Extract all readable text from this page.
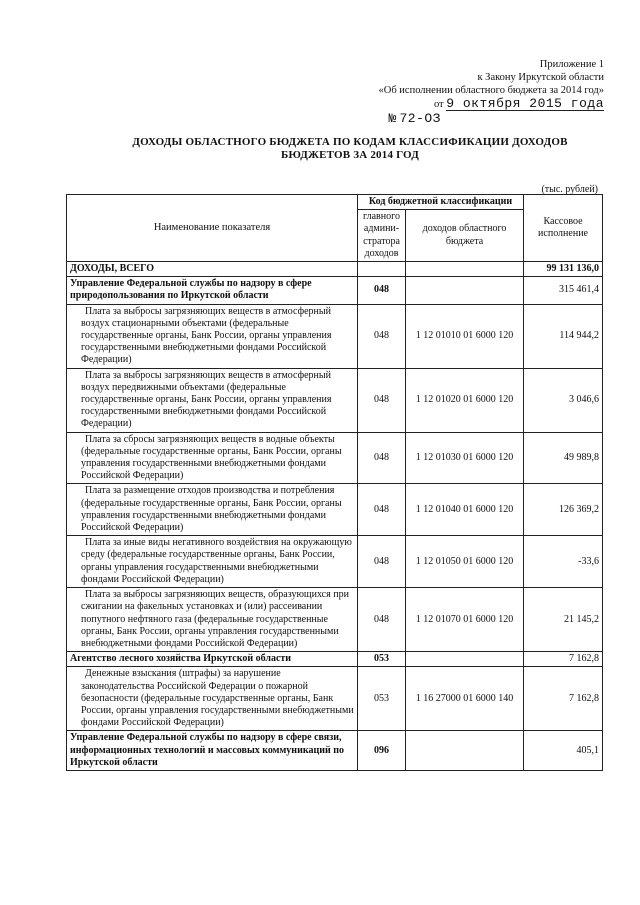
Приложение 1
к Закону Иркутской области
«Об исполнении областного бюджета за 2014 год»
от 9 октября 2015 года
№ 72-ОЗ
ДОХОДЫ ОБЛАСТНОГО БЮДЖЕТА ПО КОДАМ КЛАССИФИКАЦИИ ДОХОДОВ
БЮДЖЕТОВ ЗА 2014 ГОД
(тыс. рублей)
Наименование показателя	Код бюджетной классификации		Кассовое исполнение
	главного админи-стратора доходов	доходов областного бюджета	
ДОХОДЫ, ВСЕГО			99 131 136,0
Управление Федеральной службы по надзору в сфере природопользования по Иркутской области	048		315 461,4
Плата за выбросы загрязняющих веществ в атмосферный воздух стационарными объектами (федеральные государственные органы, Банк России, органы управления государственными внебюджетными фондами Российской Федерации)	048	1 12 01010 01 6000 120	114 944,2
Плата за выбросы загрязняющих веществ в атмосферный воздух передвижными объектами (федеральные государственные органы, Банк России, органы управления государственными внебюджетными фондами Российской Федерации)	048	1 12 01020 01 6000 120	3 046,6
Плата за сбросы загрязняющих веществ в водные объекты (федеральные государственные органы, Банк России, органы управления государственными внебюджетными фондами Российской Федерации)	048	1 12 01030 01 6000 120	49 989,8
Плата за размещение отходов производства и потребления (федеральные государственные органы, Банк России, органы управления государственными внебюджетными фондами Российской Федерации)	048	1 12 01040 01 6000 120	126 369,2
Плата за иные виды негативного воздействия на окружающую среду (федеральные государственные органы, Банк России, органы управления государственными внебюджетными фондами Российской Федерации)	048	1 12 01050 01 6000 120	-33,6
Плата за выбросы загрязняющих веществ, образующихся при сжигании на факельных установках и (или) рассеивании попутного нефтяного газа (федеральные государственные органы, Банк России, органы управления государственными внебюджетными фондами Российской Федерации)	048	1 12 01070 01 6000 120	21 145,2
Агентство лесного хозяйства Иркутской области	053		7 162,8
Денежные взыскания (штрафы) за нарушение законодательства Российской Федерации о пожарной безопасности (федеральные государственные органы, Банк России, органы управления государственными внебюджетными фондами Российской Федерации)	053	1 16 27000 01 6000 140	7 162,8
Управление Федеральной службы по надзору в сфере связи, информационных технологий и массовых коммуникаций по Иркутской области	096		405,1
